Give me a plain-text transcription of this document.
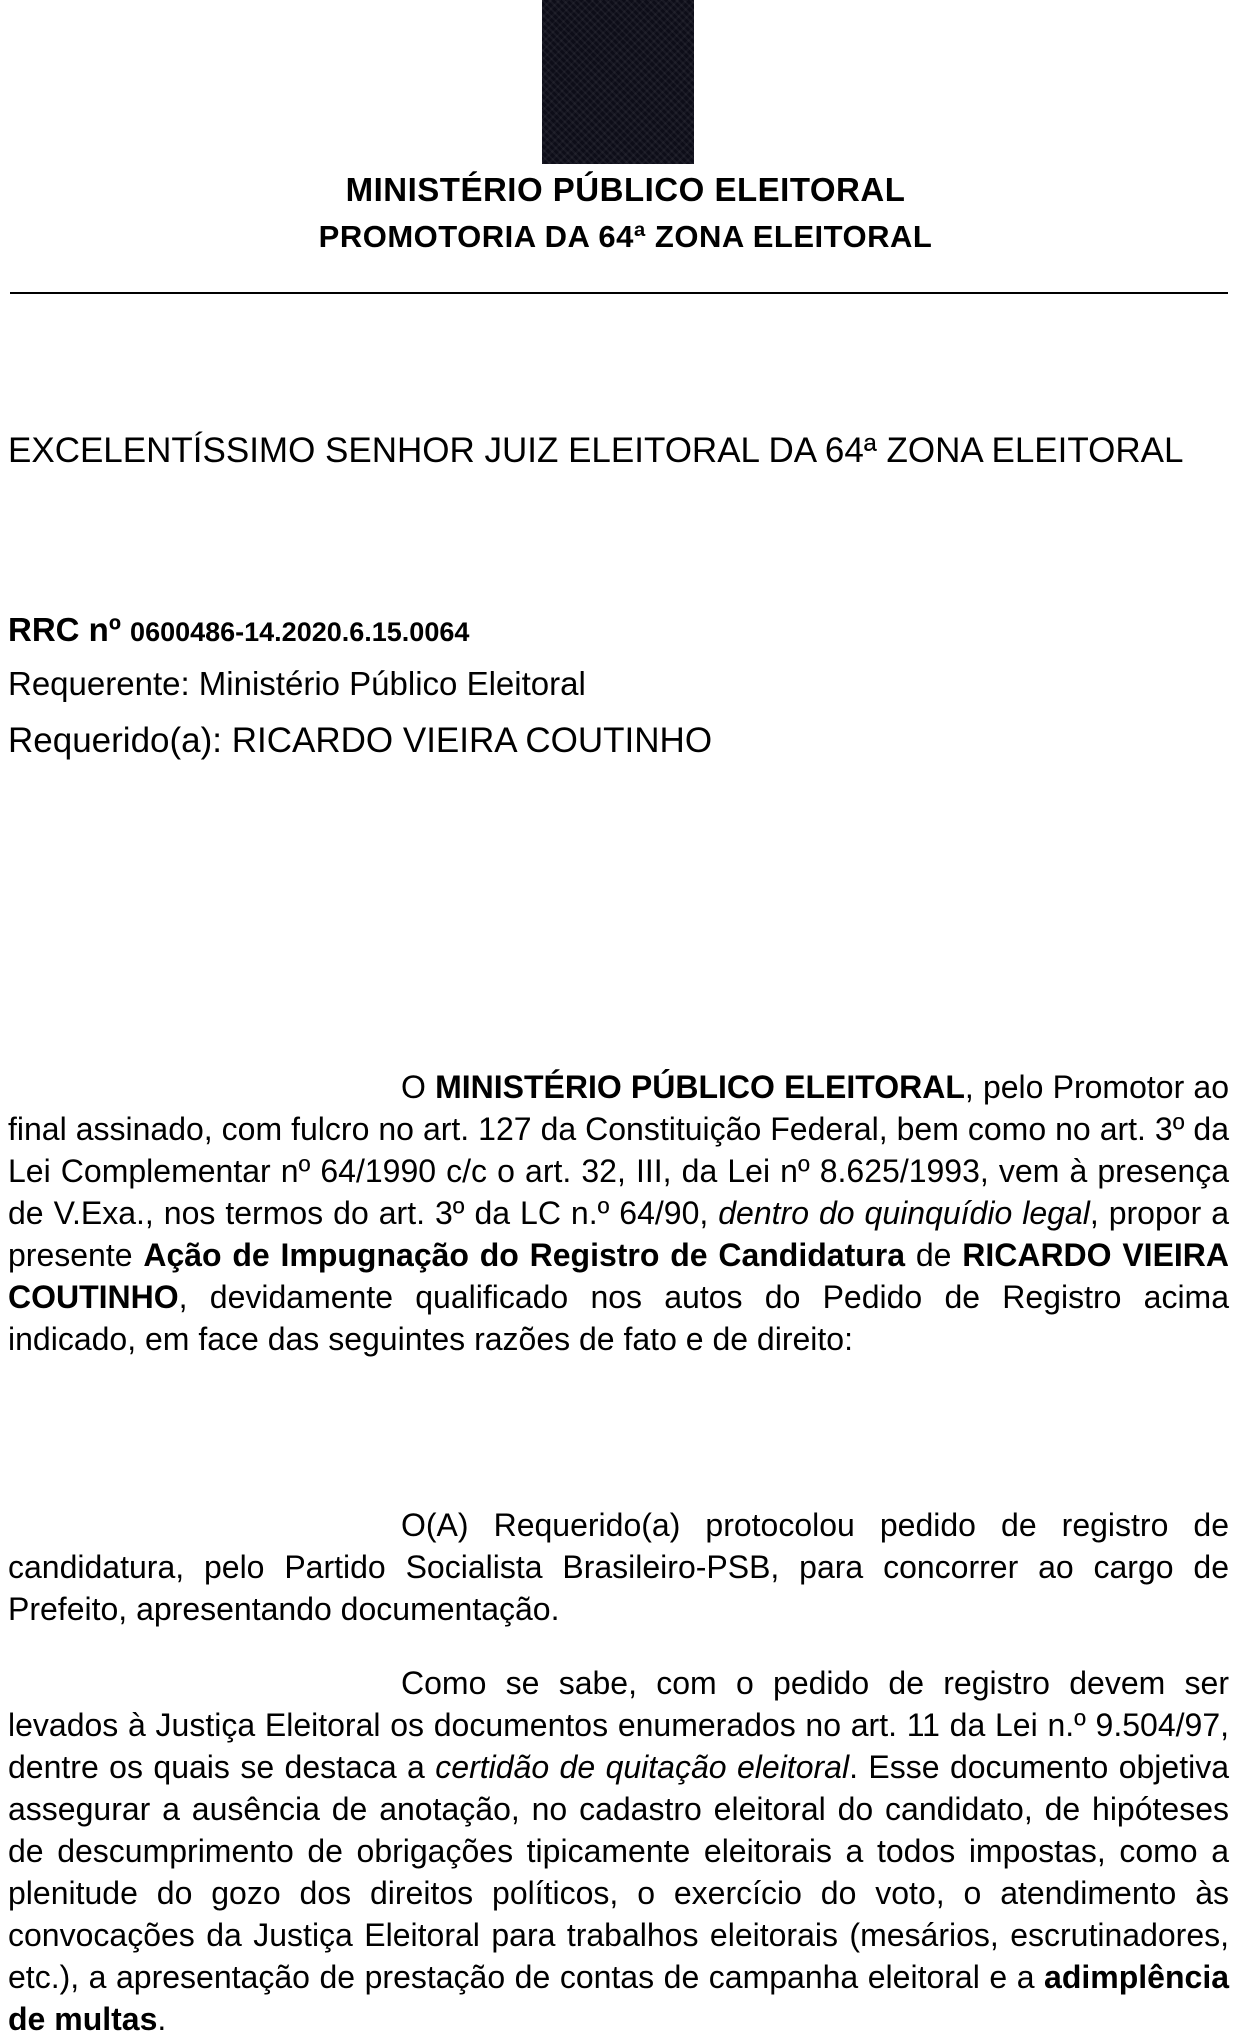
MINISTÉRIO PÚBLICO ELEITORAL
PROMOTORIA DA 64ª ZONA ELEITORAL

EXCELENTÍSSIMO SENHOR JUIZ ELEITORAL DA 64ª ZONA ELEITORAL

RRC nº 0600486-14.2020.6.15.0064

Requerente: Ministério Público Eleitoral

Requerido(a): RICARDO VIEIRA COUTINHO

O MINISTÉRIO PÚBLICO ELEITORAL, pelo Promotor ao final assinado, com fulcro no art. 127 da Constituição Federal, bem como no art. 3º da Lei Complementar nº 64/1990 c/c o art. 32, III, da Lei nº 8.625/1993, vem à presença de V.Exa., nos termos do art. 3º da LC n.º 64/90, dentro do quinquídio legal, propor a presente Ação de Impugnação do Registro de Candidatura de RICARDO VIEIRA COUTINHO, devidamente qualificado nos autos do Pedido de Registro acima indicado, em face das seguintes razões de fato e de direito:

O(A) Requerido(a) protocolou pedido de registro de candidatura, pelo Partido Socialista Brasileiro-PSB, para concorrer ao cargo de Prefeito, apresentando documentação.

Como se sabe, com o pedido de registro devem ser levados à Justiça Eleitoral os documentos enumerados no art. 11 da Lei n.º 9.504/97, dentre os quais se destaca a certidão de quitação eleitoral. Esse documento objetiva assegurar a ausência de anotação, no cadastro eleitoral do candidato, de hipóteses de descumprimento de obrigações tipicamente eleitorais a todos impostas, como a plenitude do gozo dos direitos políticos, o exercício do voto, o atendimento às convocações da Justiça Eleitoral para trabalhos eleitorais (mesários, escrutinadores, etc.), a apresentação de prestação de contas de campanha eleitoral e a adimplência de multas.
